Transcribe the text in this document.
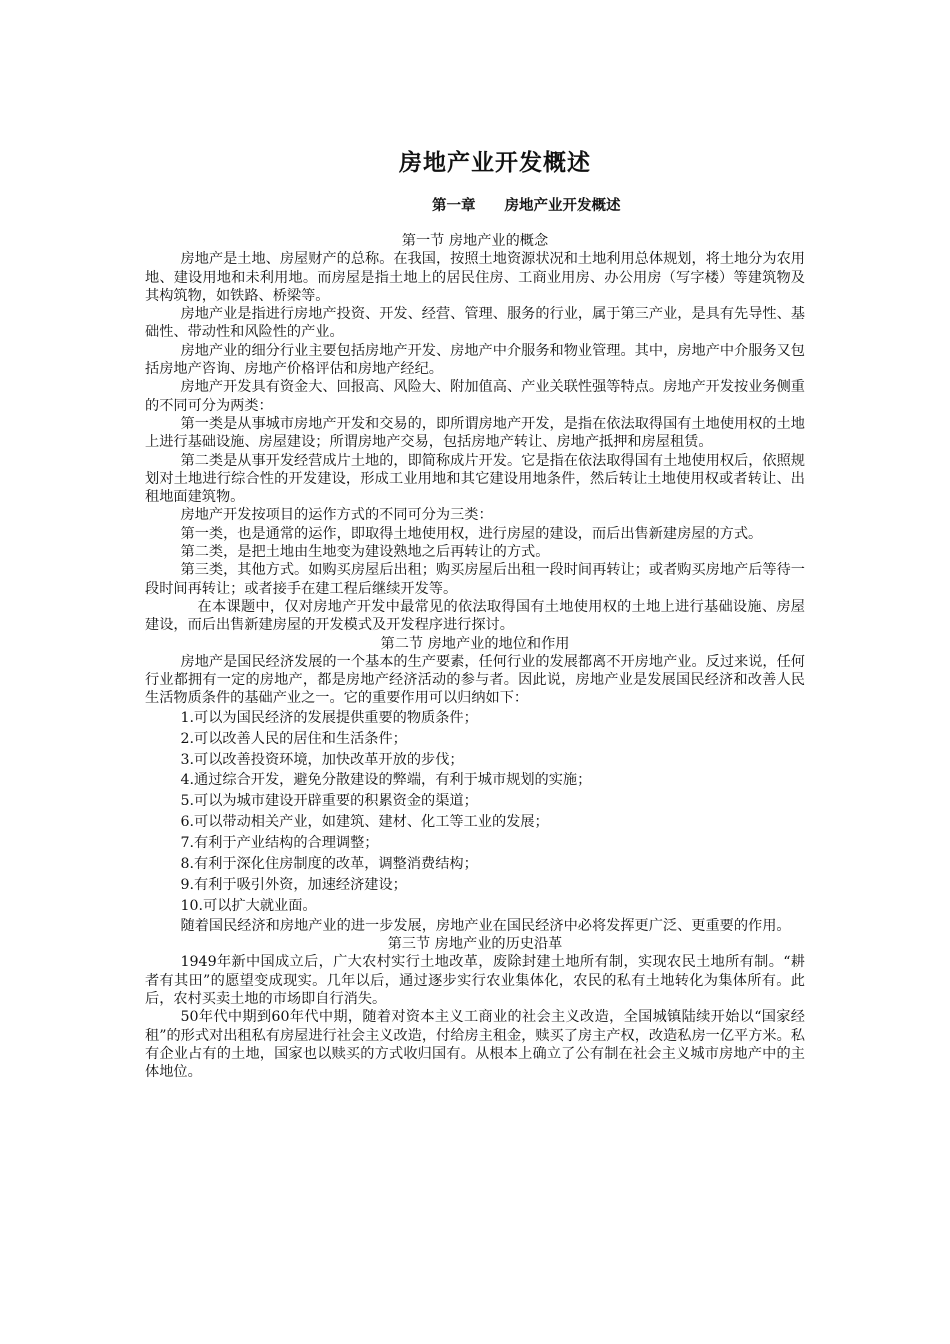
房地产业开发概述
第一章　　房地产业开发概述

第一节 房地产业的概念

房地产是土地、房屋财产的总称。在我国，按照土地资源状况和土地利用总体规划，将土地分为农用地、建设用地和未利用地。而房屋是指土地上的居民住房、工商业用房、办公用房（写字楼）等建筑物及其构筑物，如铁路、桥梁等。

房地产业是指进行房地产投资、开发、经营、管理、服务的行业，属于第三产业，是具有先导性、基础性、带动性和风险性的产业。

房地产业的细分行业主要包括房地产开发、房地产中介服务和物业管理。其中，房地产中介服务又包括房地产咨询、房地产价格评估和房地产经纪。

房地产开发具有资金大、回报高、风险大、附加值高、产业关联性强等特点。房地产开发按业务侧重的不同可分为两类：

第一类是从事城市房地产开发和交易的，即所谓房地产开发，是指在依法取得国有土地使用权的土地上进行基础设施、房屋建设；所谓房地产交易，包括房地产转让、房地产抵押和房屋租赁。

第二类是从事开发经营成片土地的，即简称成片开发。它是指在依法取得国有土地使用权后，依照规划对土地进行综合性的开发建设，形成工业用地和其它建设用地条件，然后转让土地使用权或者转让、出租地面建筑物。

房地产开发按项目的运作方式的不同可分为三类：

第一类，也是通常的运作，即取得土地使用权，进行房屋的建设，而后出售新建房屋的方式。

第二类，是把土地由生地变为建设熟地之后再转让的方式。

第三类，其他方式。如购买房屋后出租；购买房屋后出租一段时间再转让；或者购买房地产后等待一段时间再转让；或者接手在建工程后继续开发等。

在本课题中，仅对房地产开发中最常见的依法取得国有土地使用权的土地上进行基础设施、房屋建设，而后出售新建房屋的开发模式及开发程序进行探讨。

第二节 房地产业的地位和作用

房地产是国民经济发展的一个基本的生产要素，任何行业的发展都离不开房地产业。反过来说，任何行业都拥有一定的房地产，都是房地产经济活动的参与者。因此说，房地产业是发展国民经济和改善人民生活物质条件的基础产业之一。它的重要作用可以归纳如下：

1.可以为国民经济的发展提供重要的物质条件；

2.可以改善人民的居住和生活条件；

3.可以改善投资环境，加快改革开放的步伐；

4.通过综合开发，避免分散建设的弊端，有利于城市规划的实施；

5.可以为城市建设开辟重要的积累资金的渠道；

6.可以带动相关产业，如建筑、建材、化工等工业的发展；

7.有利于产业结构的合理调整；

8.有利于深化住房制度的改革，调整消费结构；

9.有利于吸引外资，加速经济建设；

10.可以扩大就业面。

随着国民经济和房地产业的进一步发展，房地产业在国民经济中必将发挥更广泛、更重要的作用。

第三节 房地产业的历史沿革

1949年新中国成立后，广大农村实行土地改革，废除封建土地所有制，实现农民土地所有制。“耕者有其田”的愿望变成现实。几年以后，通过逐步实行农业集体化，农民的私有土地转化为集体所有。此后，农村买卖土地的市场即自行消失。

50年代中期到60年代中期，随着对资本主义工商业的社会主义改造，全国城镇陆续开始以“国家经租”的形式对出租私有房屋进行社会主义改造，付给房主租金，赎买了房主产权，改造私房一亿平方米。私有企业占有的土地，国家也以赎买的方式收归国有。从根本上确立了公有制在社会主义城市房地产中的主体地位。
